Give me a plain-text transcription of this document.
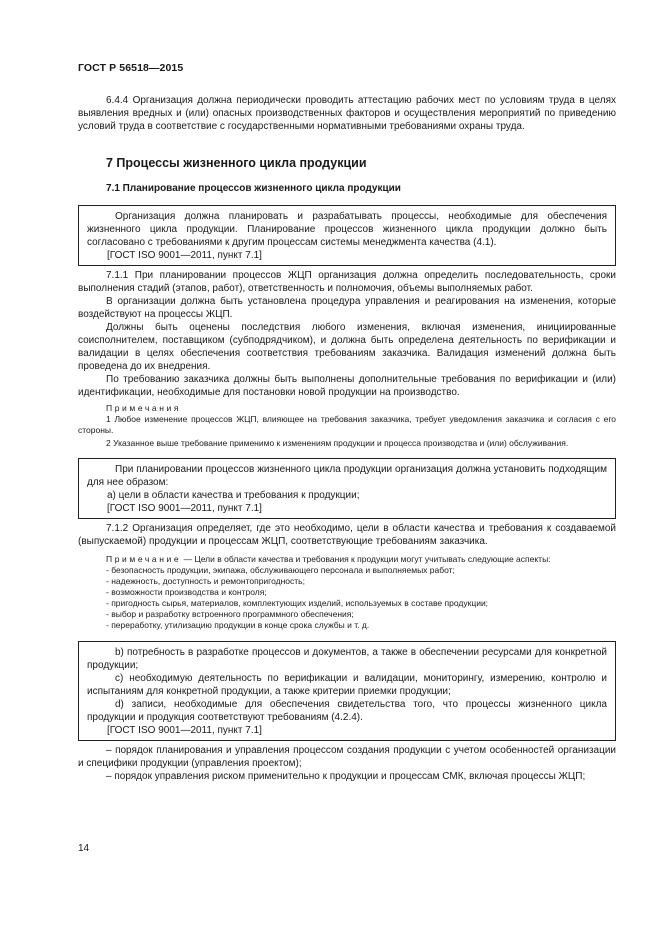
ГОСТ Р 56518—2015

6.4.4 Организация должна периодически проводить аттестацию рабочих мест по условиям труда в целях выявления вредных и (или) опасных производственных факторов и осуществления мероприятий по приведению условий труда в соответствие с государственными нормативными требованиями охраны труда.

7 Процессы жизненного цикла продукции
7.1 Планирование процессов жизненного цикла продукции

Организация должна планировать и разрабатывать процессы, необходимые для обеспечения жизненного цикла продукции. Планирование процессов жизненного цикла продукции должно быть согласовано с требованиями к другим процессам системы менеджмента качества (4.1).

[ГОСТ ISO 9001—2011, пункт 7.1]

7.1.1 При планировании процессов ЖЦП организация должна определить последовательность, сроки выполнения стадий (этапов, работ), ответственность и полномочия, объемы выполняемых работ.

В организации должна быть установлена процедура управления и реагирования на изменения, которые воздействуют на процессы ЖЦП.

Должны быть оценены последствия любого изменения, включая изменения, инициированные соисполнителем, поставщиком (субподрядчиком), и должна быть определена деятельность по верификации и валидации в целях обеспечения соответствия требованиям заказчика. Валидация изменений должна быть проведена до их внедрения.

По требованию заказчика должны быть выполнены дополнительные требования по верификации и (или) идентификации, необходимые для постановки новой продукции на производство.

Примечания

1 Любое изменение процессов ЖЦП, влияющее на требования заказчика, требует уведомления заказчика и согласия с его стороны.

2 Указанное выше требование применимо к изменениям продукции и процесса производства и (или) обслуживания.

При планировании процессов жизненного цикла продукции организация должна установить подходящим для нее образом:

a) цели в области качества и требования к продукции;

[ГОСТ ISO 9001—2011, пункт 7.1]

7.1.2 Организация определяет, где это необходимо, цели в области качества и требования к создаваемой (выпускаемой) продукции и процессам ЖЦП, соответствующие требованиям заказчика.

Примечание — Цели в области качества и требования к продукции могут учитывать следующие аспекты:

- безопасность продукции, экипажа, обслуживающего персонала и выполняемых работ;
- надежность, доступность и ремонтопригодность;
- возможности производства и контроля;
- пригодность сырья, материалов, комплектующих изделий, используемых в составе продукции;
- выбор и разработку встроенного программного обеспечения;
- переработку, утилизацию продукции в конце срока службы и т. д.

b) потребность в разработке процессов и документов, а также в обеспечении ресурсами для конкретной продукции;

c) необходимую деятельность по верификации и валидации, мониторингу, измерению, контролю и испытаниям для конкретной продукции, а также критерии приемки продукции;

d) записи, необходимые для обеспечения свидетельства того, что процессы жизненного цикла продукции и продукция соответствуют требованиям (4.2.4).

[ГОСТ ISO 9001—2011, пункт 7.1]

– порядок планирования и управления процессом создания продукции с учетом особенностей организации и специфики продукции (управления проектом);

– порядок управления риском применительно к продукции и процессам СМК, включая процессы ЖЦП;

14
